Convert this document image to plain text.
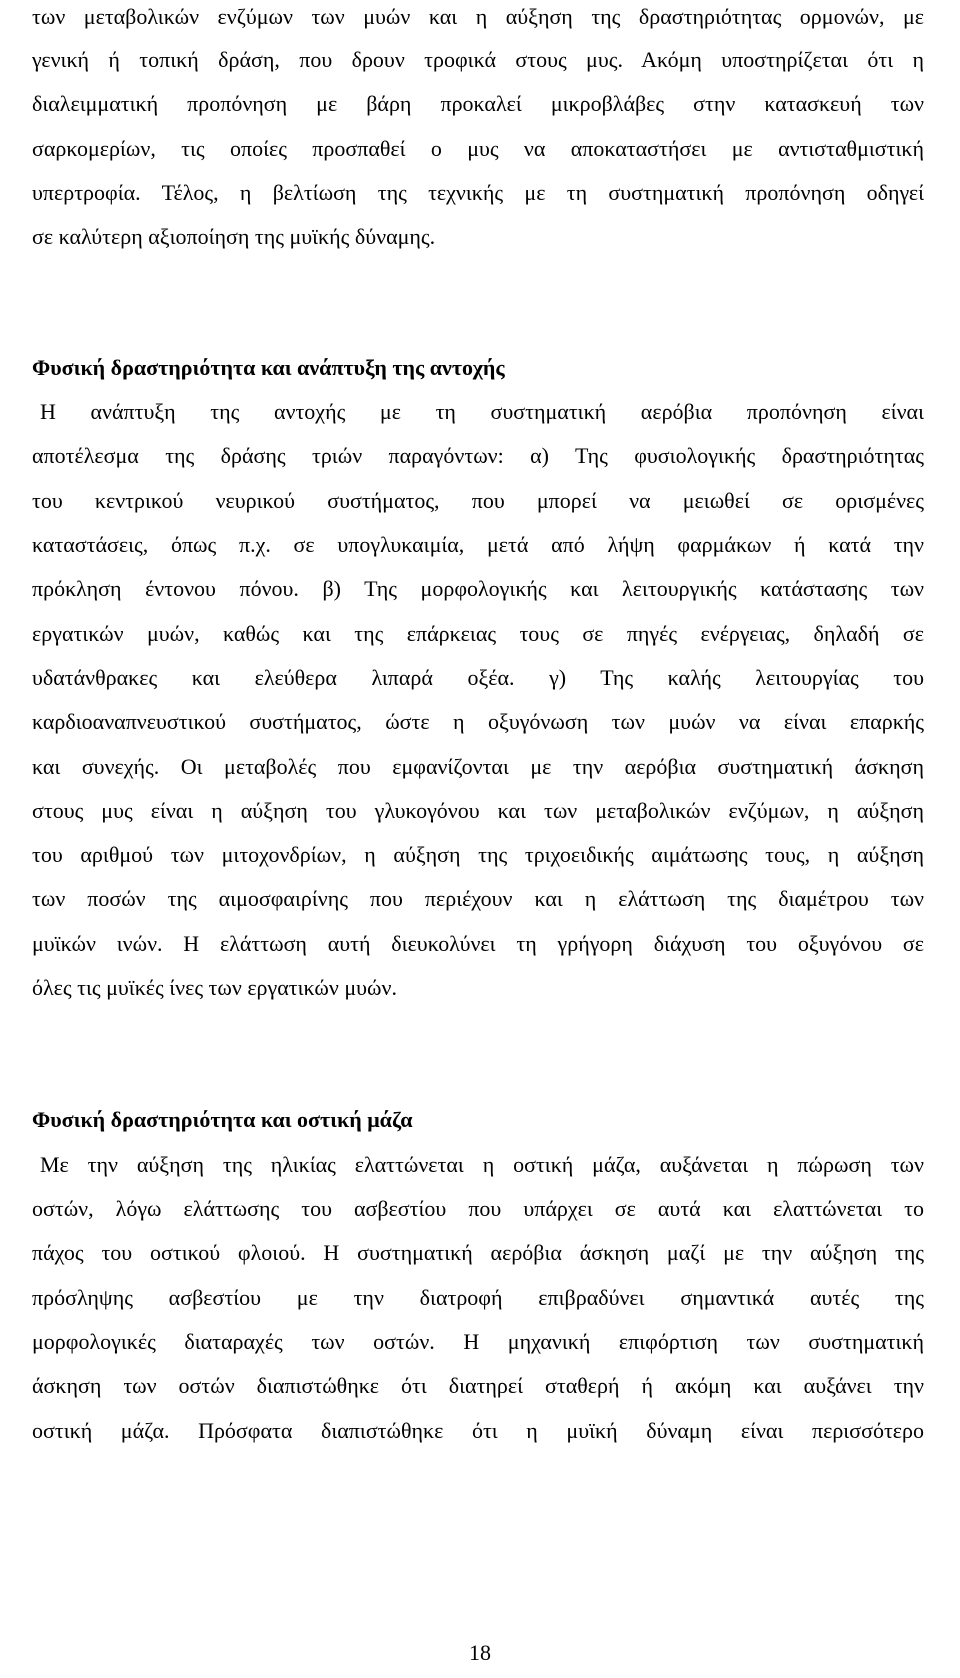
των μεταβολικών ενζύμων των μυών και η αύξηση της δραστηριότητας ορμονών, με
γενική ή τοπική δράση, που δρουν τροφικά στους μυς. Ακόμη υποστηρίζεται ότι η
διαλειμματική προπόνηση με βάρη προκαλεί μικροβλάβες στην κατασκευή των
σαρκομερίων, τις οποίες προσπαθεί ο μυς να αποκαταστήσει με αντισταθμιστική
υπερτροφία. Τέλος, η βελτίωση της τεχνικής με τη συστηματική προπόνηση οδηγεί
σε καλύτερη αξιοποίηση της μυϊκής δύναμης.
Φυσική δραστηριότητα και ανάπτυξη της αντοχής
Η ανάπτυξη της αντοχής με τη συστηματική αερόβια προπόνηση είναι
αποτέλεσμα της δράσης τριών παραγόντων: α) Της φυσιολογικής δραστηριότητας
του κεντρικού νευρικού συστήματος, που μπορεί να μειωθεί σε ορισμένες
καταστάσεις, όπως π.χ. σε υπογλυκαιμία, μετά από λήψη φαρμάκων ή κατά την
πρόκληση έντονου πόνου. β) Της μορφολογικής και λειτουργικής κατάστασης των
εργατικών μυών, καθώς και της επάρκειας τους σε πηγές ενέργειας, δηλαδή σε
υδατάνθρακες και ελεύθερα λιπαρά οξέα. γ) Της καλής λειτουργίας του
καρδιοαναπνευστικού συστήματος, ώστε η οξυγόνωση των μυών να είναι επαρκής
και συνεχής. Οι μεταβολές που εμφανίζονται με την αερόβια συστηματική άσκηση
στους μυς είναι η αύξηση του γλυκογόνου και των μεταβολικών ενζύμων, η αύξηση
του αριθμού των μιτοχονδρίων, η αύξηση της τριχοειδικής αιμάτωσης τους, η αύξηση
των ποσών της αιμοσφαιρίνης που περιέχουν και η ελάττωση της διαμέτρου των
μυϊκών ινών. Η ελάττωση αυτή διευκολύνει τη γρήγορη διάχυση του οξυγόνου σε
όλες τις μυϊκές ίνες των εργατικών μυών.
Φυσική δραστηριότητα και οστική μάζα
Με την αύξηση της ηλικίας ελαττώνεται η οστική μάζα, αυξάνεται η πώρωση των
οστών, λόγω ελάττωσης του ασβεστίου που υπάρχει σε αυτά και ελαττώνεται το
πάχος του οστικού φλοιού. Η συστηματική αερόβια άσκηση μαζί με την αύξηση της
πρόσληψης ασβεστίου με την διατροφή επιβραδύνει σημαντικά αυτές της
μορφολογικές διαταραχές των οστών. Η μηχανική επιφόρτιση των συστηματική
άσκηση των οστών διαπιστώθηκε ότι διατηρεί σταθερή ή ακόμη και αυξάνει την
οστική μάζα. Πρόσφατα διαπιστώθηκε ότι η μυϊκή δύναμη είναι περισσότερο
18
